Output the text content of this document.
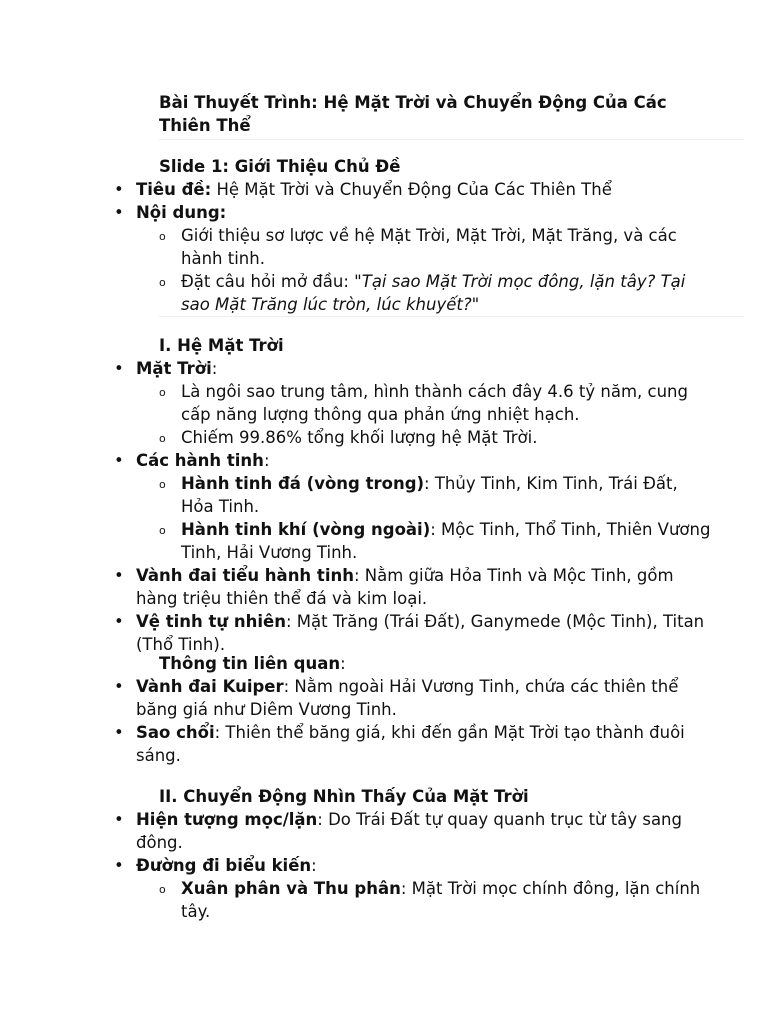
Bài Thuyết Trình: Hệ Mặt Trời và Chuyển Động Của Các Thiên Thể
Slide 1: Giới Thiệu Chủ Đề
• Tiêu đề: Hệ Mặt Trời và Chuyển Động Của Các Thiên Thể
• Nội dung:
o Giới thiệu sơ lược về hệ Mặt Trời, Mặt Trời, Mặt Trăng, và các hành tinh.
o Đặt câu hỏi mở đầu: "Tại sao Mặt Trời mọc đông, lặn tây? Tại sao Mặt Trăng lúc tròn, lúc khuyết?"
I. Hệ Mặt Trời
• Mặt Trời:
o Là ngôi sao trung tâm, hình thành cách đây 4.6 tỷ năm, cung cấp năng lượng thông qua phản ứng nhiệt hạch.
o Chiếm 99.86% tổng khối lượng hệ Mặt Trời.
• Các hành tinh:
o Hành tinh đá (vòng trong): Thủy Tinh, Kim Tinh, Trái Đất, Hỏa Tinh.
o Hành tinh khí (vòng ngoài): Mộc Tinh, Thổ Tinh, Thiên Vương Tinh, Hải Vương Tinh.
• Vành đai tiểu hành tinh: Nằm giữa Hỏa Tinh và Mộc Tinh, gồm hàng triệu thiên thể đá và kim loại.
• Vệ tinh tự nhiên: Mặt Trăng (Trái Đất), Ganymede (Mộc Tinh), Titan (Thổ Tinh).

Thông tin liên quan:

• Vành đai Kuiper: Nằm ngoài Hải Vương Tinh, chứa các thiên thể băng giá như Diêm Vương Tinh.
• Sao chổi: Thiên thể băng giá, khi đến gần Mặt Trời tạo thành đuôi sáng.
II. Chuyển Động Nhìn Thấy Của Mặt Trời
• Hiện tượng mọc/lặn: Do Trái Đất tự quay quanh trục từ tây sang đông.
• Đường đi biểu kiến:
o Xuân phân và Thu phân: Mặt Trời mọc chính đông, lặn chính tây.
